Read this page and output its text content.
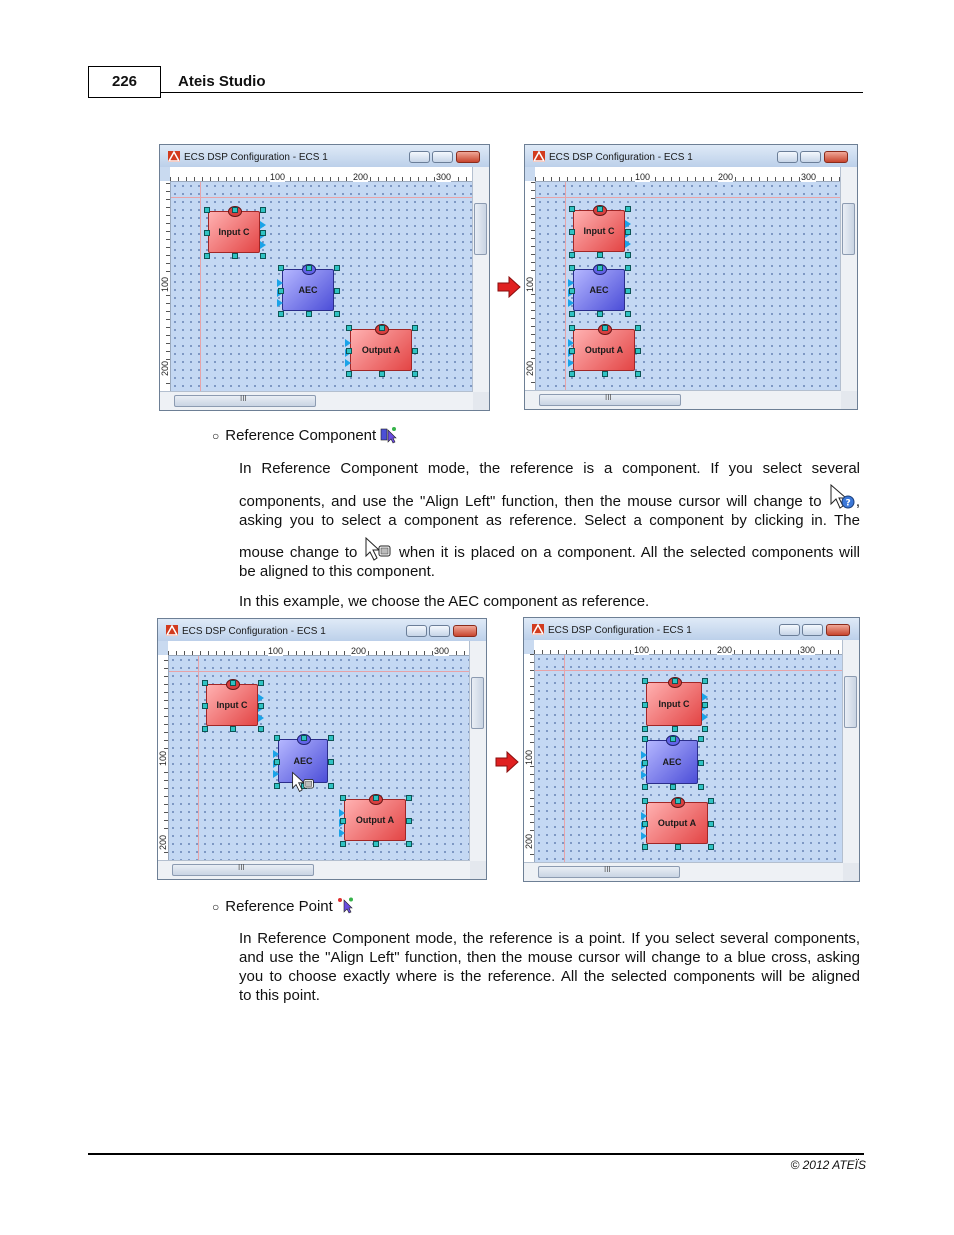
226	Ateis Studio
ECS DSP Configuration - ECS 1
100	200	300
100
200
III
Input C
AEC
Output A
ECS DSP Configuration - ECS 1
100	200	300
100
200
III
Input C
AEC
Output A
○ Reference Component
In Reference Component mode, the reference is a component. If you select several
components, and use the "Align Left" function, then the mouse cursor will change to	? ,
asking you to select a component as reference. Select a component by clicking in. The
mouse change to	when it is placed on a component. All the selected components will
be aligned to this component.
In this example, we choose the AEC component as reference.
ECS DSP Configuration - ECS 1
100	200	300
100
200
III
Input C
AEC
Output A
ECS DSP Configuration - ECS 1
100	200	300
100
200
III
Input C
AEC
Output A
○ Reference Point
In Reference Component mode, the reference is a point. If you select several components,
and use the "Align Left" function, then the mouse cursor will change to a blue cross, asking
you to choose exactly where is the reference. All the selected components will be aligned
to this point.
© 2012 ATEÏS
